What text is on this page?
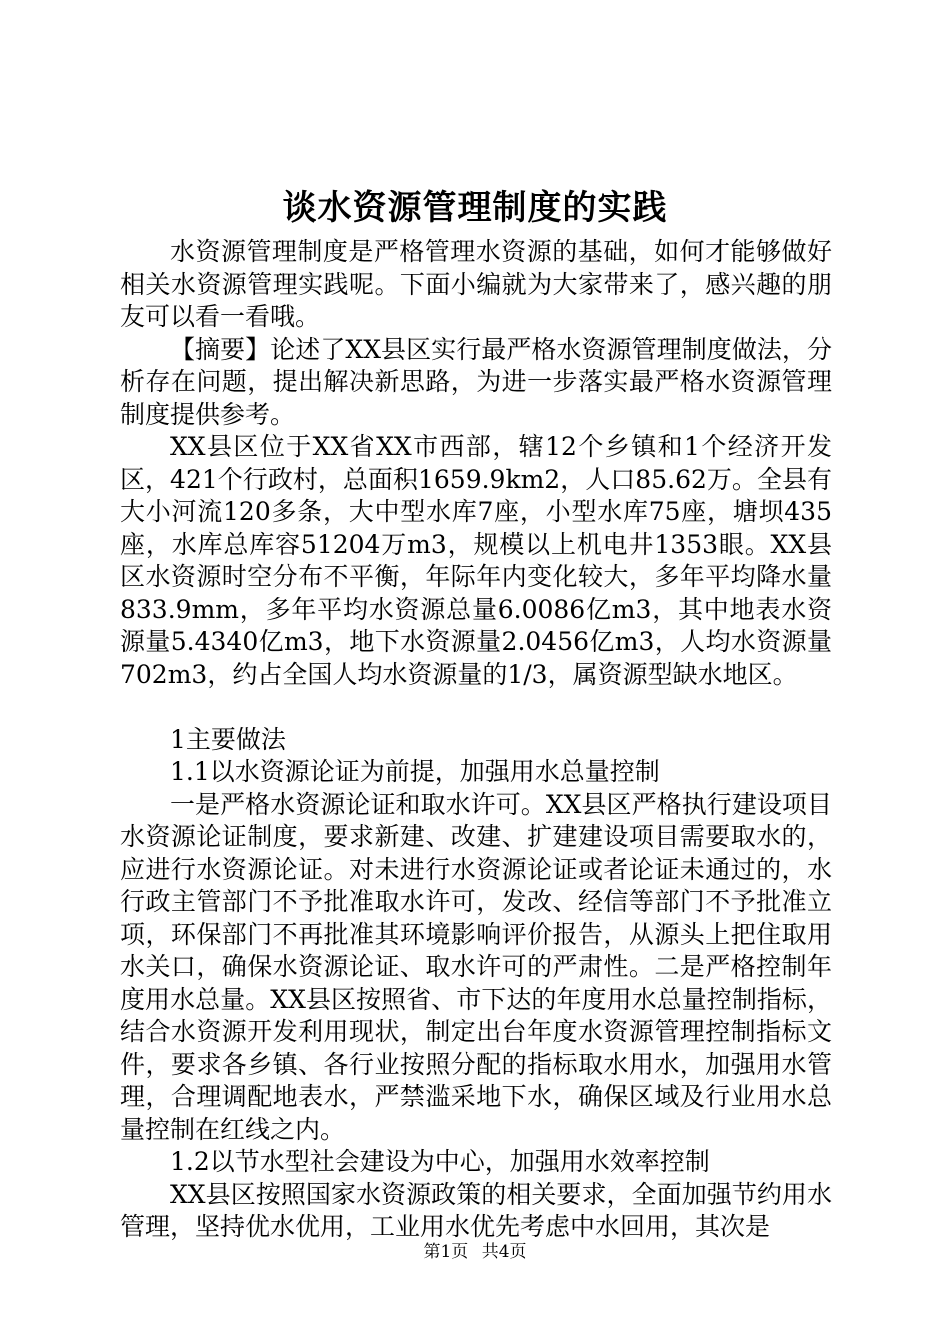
谈水资源管理制度的实践

水资源管理制度是严格管理水资源的基础，如何才能够做好相关水资源管理实践呢。下面小编就为大家带来了，感兴趣的朋友可以看一看哦。

【摘要】论述了XX县区实行最严格水资源管理制度做法，分析存在问题，提出解决新思路，为进一步落实最严格水资源管理制度提供参考。

XX县区位于XX省XX市西部，辖12个乡镇和1个经济开发区，421个行政村，总面积1659.9km2，人口85.62万。全县有大小河流120多条，大中型水库7座，小型水库75座，塘坝435座，水库总库容51204万m3，规模以上机电井1353眼。XX县区水资源时空分布不平衡，年际年内变化较大，多年平均降水量833.9mm，多年平均水资源总量6.0086亿m3，其中地表水资源量5.4340亿m3，地下水资源量2.0456亿m3，人均水资源量702m3，约占全国人均水资源量的1/3，属资源型缺水地区。

1主要做法

1.1以水资源论证为前提，加强用水总量控制

一是严格水资源论证和取水许可。XX县区严格执行建设项目水资源论证制度，要求新建、改建、扩建建设项目需要取水的，应进行水资源论证。对未进行水资源论证或者论证未通过的，水行政主管部门不予批准取水许可，发改、经信等部门不予批准立项，环保部门不再批准其环境影响评价报告，从源头上把住取用水关口，确保水资源论证、取水许可的严肃性。二是严格控制年度用水总量。XX县区按照省、市下达的年度用水总量控制指标，结合水资源开发利用现状，制定出台年度水资源管理控制指标文件，要求各乡镇、各行业按照分配的指标取水用水，加强用水管理，合理调配地表水，严禁滥采地下水，确保区域及行业用水总量控制在红线之内。

1.2以节水型社会建设为中心，加强用水效率控制

XX县区按照国家水资源政策的相关要求，全面加强节约用水管理，坚持优水优用，工业用水优先考虑中水回用，其次是

第1页 共4页
